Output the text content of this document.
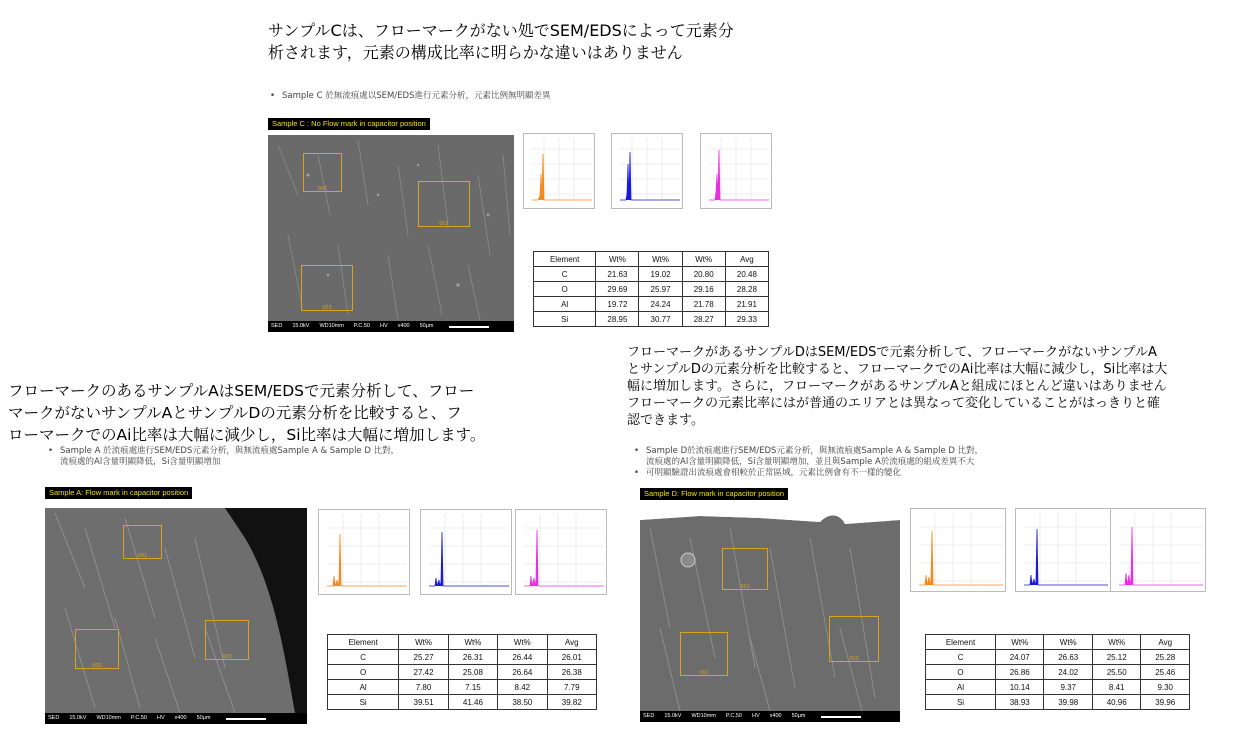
サンプルCは、フローマークがない処でSEM/EDSによって元素分

析されます，元素の構成比率に明らかな違いはありません

• Sample C 於無流痕處以SEM/EDS進行元素分析，元素比例無明顯差異
Sample C : No Flow mark in capacitor position
001
002
003
SED 15.0kV WD10mm P.C.50 HV x400 50μm
Element	Wt%	Wt%	Wt%	Avg
C	21.63	19.02	20.80	20.48
O	29.69	25.97	29.16	28.28
Al	19.72	24.24	21.78	21.91
Si	28.95	30.77	28.27	29.33

フローマークのあるサンプルAはSEM/EDSで元素分析して、フロー

マークがないサンプルAとサンプルDの元素分析を比較すると、フ

ローマークでのAi比率は大幅に減少し，Si比率は大幅に増加します。

• Sample A 於流痕處進行SEM/EDS元素分析，與無流痕處Sample A & Sample D 比對，
流痕處的Al含量明顯降低，Si含量明顯增加
Sample A: Flow mark in capacitor position
001
002
003
SED 15.0kV WD10mm P.C.50 HV x400 50μm
Element	Wt%	Wt%	Wt%	Avg
C	25.27	26.31	26.44	26.01
O	27.42	25.08	26.64	26.38
Al	7.80	7.15	8.42	7.79
Si	39.51	41.46	38.50	39.82

フローマークがあるサンプルDはSEM/EDSで元素分析して、フローマークがないサンプルA

とサンプルDの元素分析を比較すると、フローマークでのAi比率は大幅に減少し，Si比率は大

幅に増加します。さらに，フローマークがあるサンプルAと組成にほとんど違いはありません

フローマークの元素比率にはが普通のエリアとは異なって変化していることがはっきりと確

認できます。

• Sample D於流痕處進行SEM/EDS元素分析，與無流痕處Sample A & Sample D 比對，
流痕處的Al含量明顯降低，Si含量明顯增加，並且與Sample A於流痕處的組成差異不大
• 可明顯驗證出流痕處會相較於正常區域，元素比例會有不一樣的變化
Sample D: Flow mark in capacitor position
001
002
003
SED 15.0kV WD10mm P.C.50 HV x400 50μm
Element	Wt%	Wt%	Wt%	Avg
C	24.07	26.63	25.12	25.28
O	26.86	24.02	25.50	25.46
Al	10.14	9.37	8.41	9.30
Si	38.93	39.98	40.96	39.96
